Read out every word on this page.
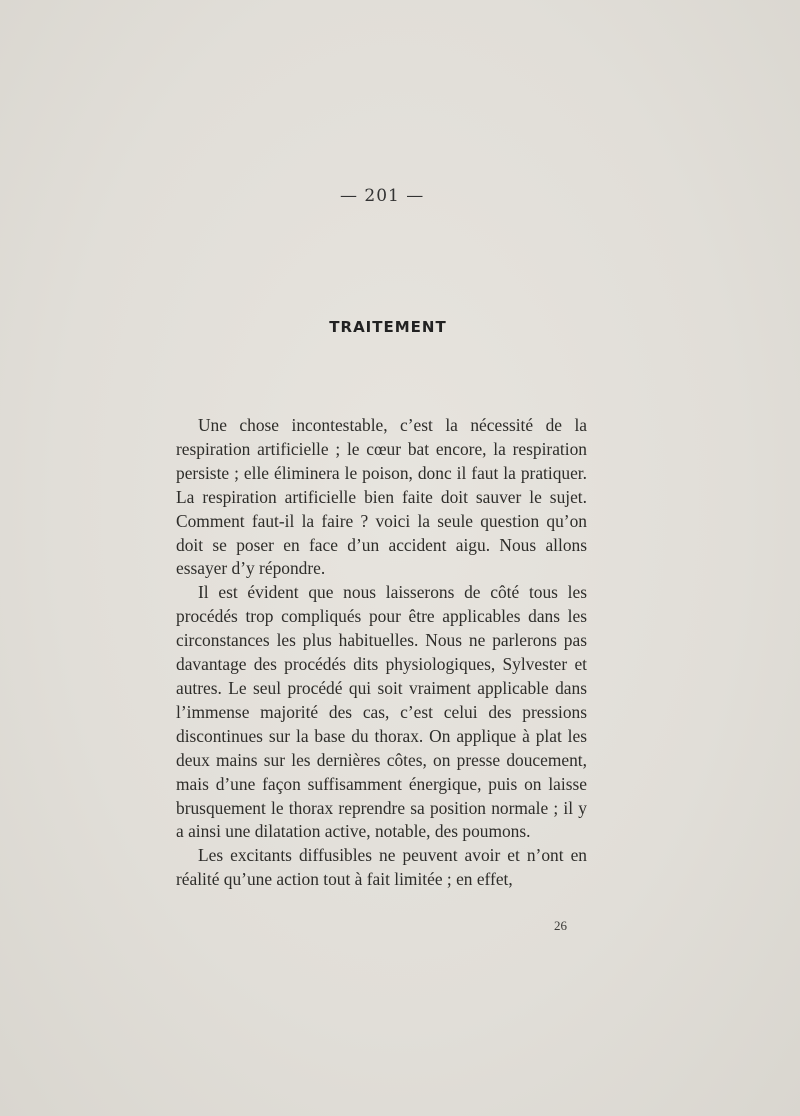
— 201 —
TRAITEMENT

Une chose incontestable, c’est la nécessité de la respiration artificielle ; le cœur bat encore, la respiration persiste ; elle éliminera le poison, donc il faut la pratiquer. La respiration artificielle bien faite doit sauver le sujet. Comment faut-il la faire ? voici la seule question qu’on doit se poser en face d’un accident aigu. Nous allons essayer d’y répondre.

Il est évident que nous laisserons de côté tous les procédés trop compliqués pour être applicables dans les circonstances les plus habituelles. Nous ne parlerons pas davantage des procédés dits physiologiques, Sylvester et autres. Le seul procédé qui soit vraiment applicable dans l’immense majorité des cas, c’est celui des pressions discontinues sur la base du thorax. On applique à plat les deux mains sur les dernières côtes, on presse doucement, mais d’une façon suffisamment énergique, puis on laisse brusquement le thorax reprendre sa position normale ; il y a ainsi une dilatation active, notable, des poumons.

Les excitants diffusibles ne peuvent avoir et n’ont en réalité qu’une action tout à fait limitée ; en effet,

26
